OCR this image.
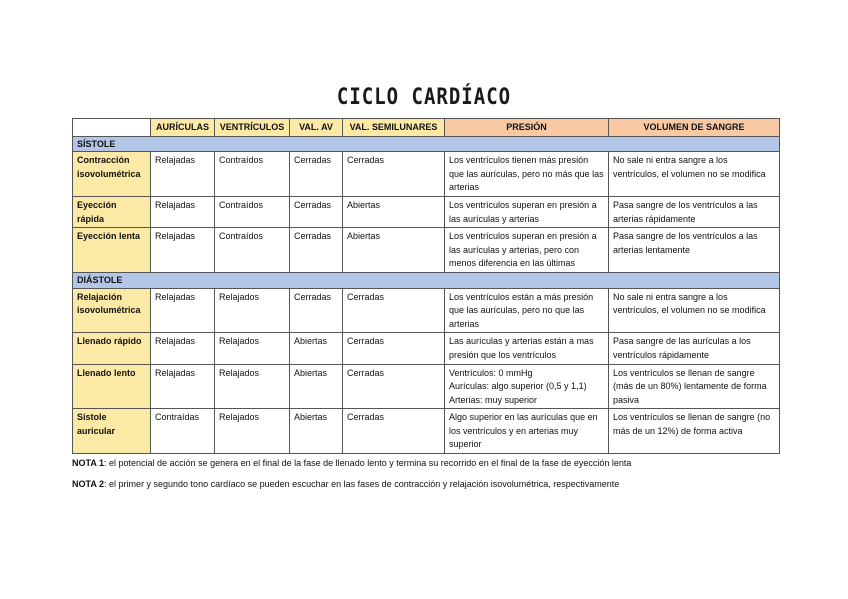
CICLO CARDÍACO
	AURÍCULAS	VENTRÍCULOS	VAL. AV	VAL. SEMILUNARES	PRESIÓN	VOLUMEN DE SANGRE
SÍSTOLE						
Contracción isovolumétrica	Relajadas	Contraídos	Cerradas	Cerradas	Los ventrículos tienen más presión que las aurículas, pero no más que las arterias	No sale ni entra sangre a los ventrículos, el volumen no se modifica
Eyección rápida	Relajadas	Contraídos	Cerradas	Abiertas	Los ventrículos superan en presión a las aurículas y arterias	Pasa sangre de los ventrículos a las arterias rápidamente
Eyección lenta	Relajadas	Contraídos	Cerradas	Abiertas	Los ventrículos superan en presión a las aurículas y arterias, pero con menos diferencia en las últimas	Pasa sangre de los ventrículos a las arterias lentamente
DIÁSTOLE						
Relajación isovolumétrica	Relajadas	Relajados	Cerradas	Cerradas	Los ventrículos están a más presión que las aurículas, pero no que las arterias	No sale ni entra sangre a los ventrículos, el volumen no se modifica
Llenado rápido	Relajadas	Relajados	Abiertas	Cerradas	Las aurículas y arterias están a mas presión que los ventrículos	Pasa sangre de las aurículas a los ventrículos rápidamente
Llenado lento	Relajadas	Relajados	Abiertas	Cerradas	Ventrículos: 0 mmHg
Aurículas: algo superior (0,5 y 1,1)
Arterias: muy superior	Los ventrículos se llenan de sangre (más de un 80%) lentamente de forma pasiva
Sístole auricular	Contraídas	Relajados	Abiertas	Cerradas	Algo superior en las aurículas que en los ventrículos y en arterias muy superior	Los ventrículos se llenan de sangre (no más de un 12%) de forma activa

NOTA 1: el potencial de acción se genera en el final de la fase de llenado lento y termina su recorrido en el final de la fase de eyección lenta

NOTA 2: el primer y segundo tono cardíaco se pueden escuchar en las fases de contracción y relajación isovolumétrica, respectivamente
